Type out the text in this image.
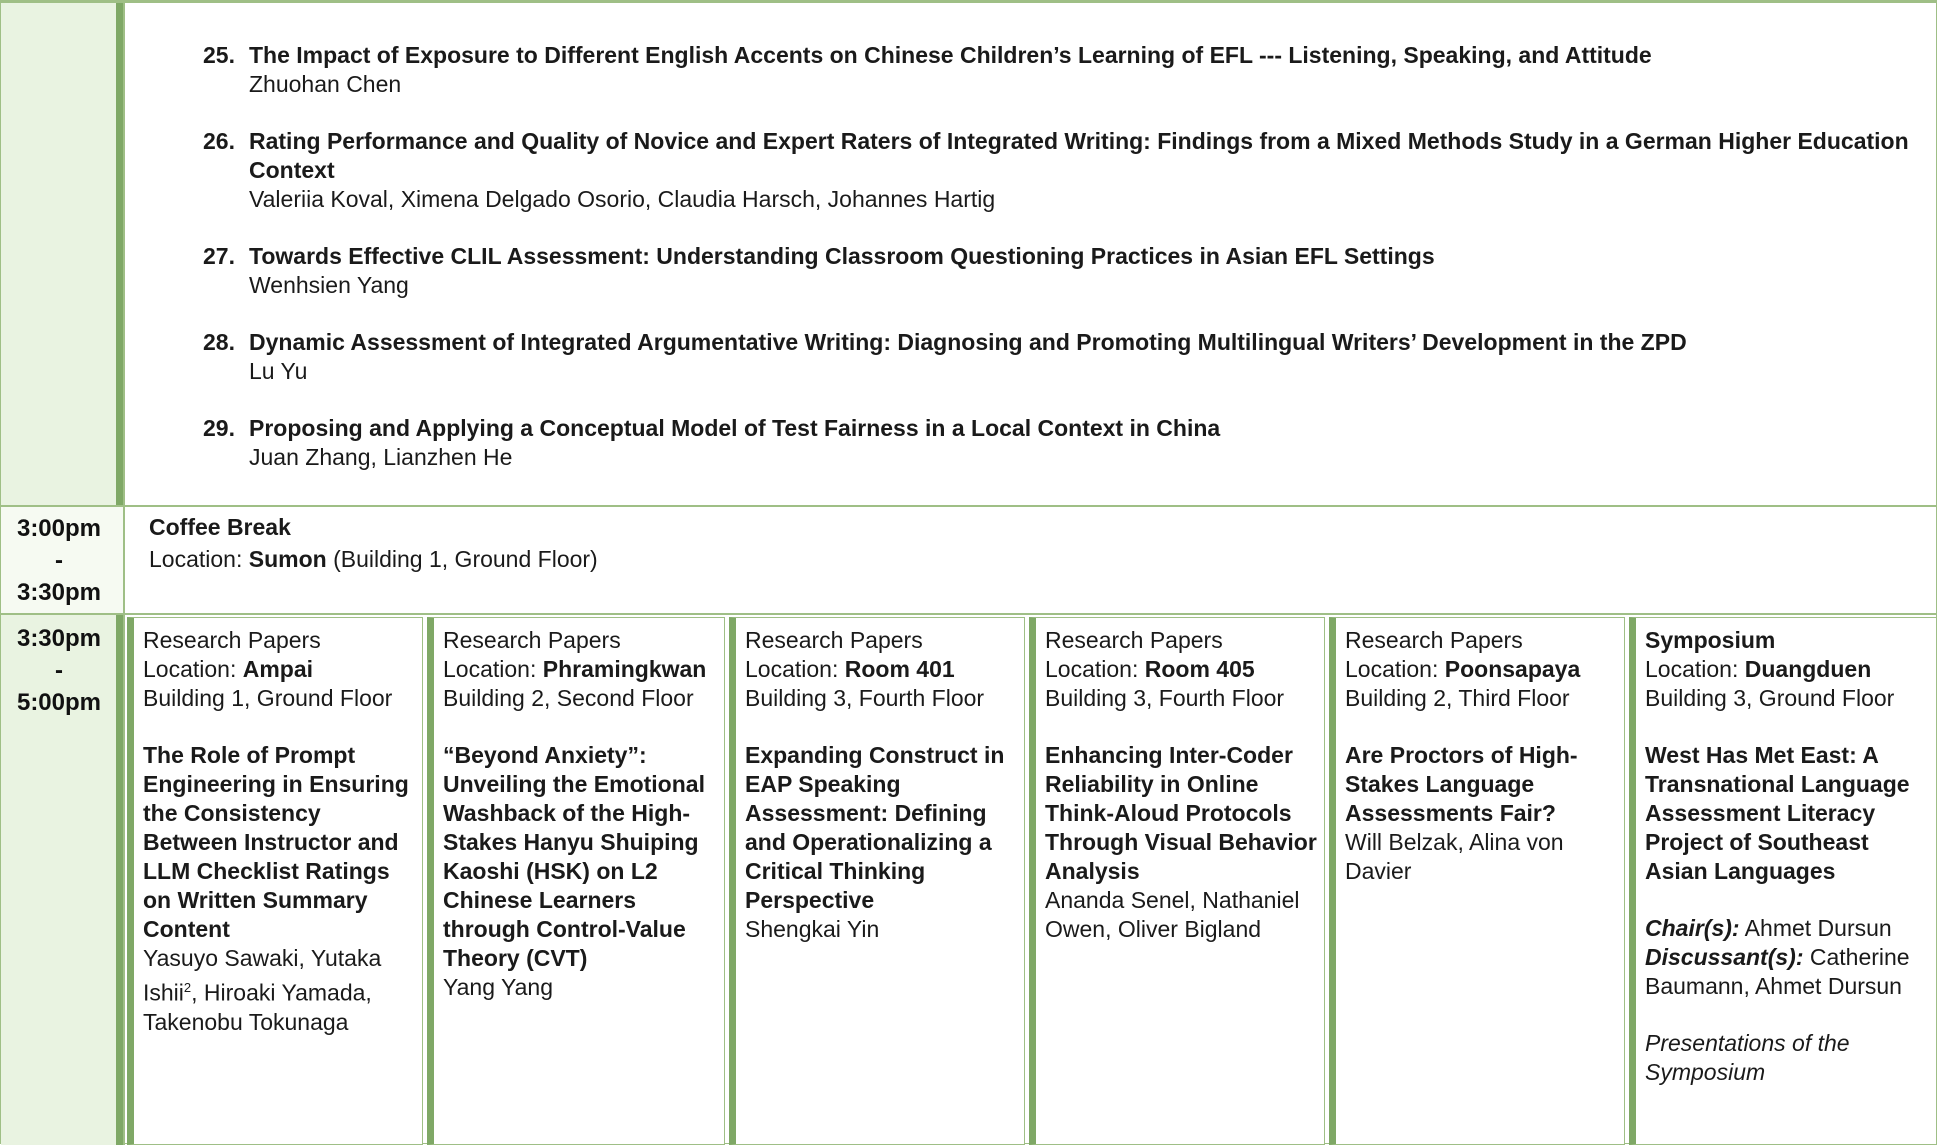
3:00pm
-
3:30pm
3:30pm
-
5:00pm
25. The Impact of Exposure to Different English Accents on Chinese Children’s Learning of EFL --- Listening, Speaking, and Attitude
Zhuohan Chen
26. Rating Performance and Quality of Novice and Expert Raters of Integrated Writing: Findings from a Mixed Methods Study in a German Higher Education Context
Valeriia Koval, Ximena Delgado Osorio, Claudia Harsch, Johannes Hartig
27. Towards Effective CLIL Assessment: Understanding Classroom Questioning Practices in Asian EFL Settings
Wenhsien Yang
28. Dynamic Assessment of Integrated Argumentative Writing: Diagnosing and Promoting Multilingual Writers’ Development in the ZPD
Lu Yu
29. Proposing and Applying a Conceptual Model of Test Fairness in a Local Context in China
Juan Zhang, Lianzhen He
Coffee Break
Location: Sumon (Building 1, Ground Floor)
Research Papers
Location: Ampai
Building 1, Ground Floor
The Role of Prompt Engineering in Ensuring the Consistency Between Instructor and LLM Checklist Ratings on Written Summary Content
Yasuyo Sawaki, Yutaka Ishii$^2$, Hiroaki Yamada, Takenobu Tokunaga
Research Papers
Location: Phramingkwan
Building 2, Second Floor
“Beyond Anxiety”: Unveiling the Emotional Washback of the High-Stakes Hanyu Shuiping Kaoshi (HSK) on L2 Chinese Learners through Control-Value Theory (CVT)
Yang Yang
Research Papers
Location: Room 401
Building 3, Fourth Floor
Expanding Construct in EAP Speaking Assessment: Defining and Operationalizing a Critical Thinking Perspective
Shengkai Yin
Research Papers
Location: Room 405
Building 3, Fourth Floor
Enhancing Inter-Coder Reliability in Online Think-Aloud Protocols Through Visual Behavior Analysis
Ananda Senel, Nathaniel Owen, Oliver Bigland
Research Papers
Location: Poonsapaya
Building 2, Third Floor
Are Proctors of High-Stakes Language Assessments Fair?
Will Belzak, Alina von Davier
Symposium
Location: Duangduen
Building 3, Ground Floor
West Has Met East: A Transnational Language Assessment Literacy Project of Southeast Asian Languages
Chair(s): Ahmet Dursun
Discussant(s): Catherine Baumann, Ahmet Dursun
Presentations of the Symposium
